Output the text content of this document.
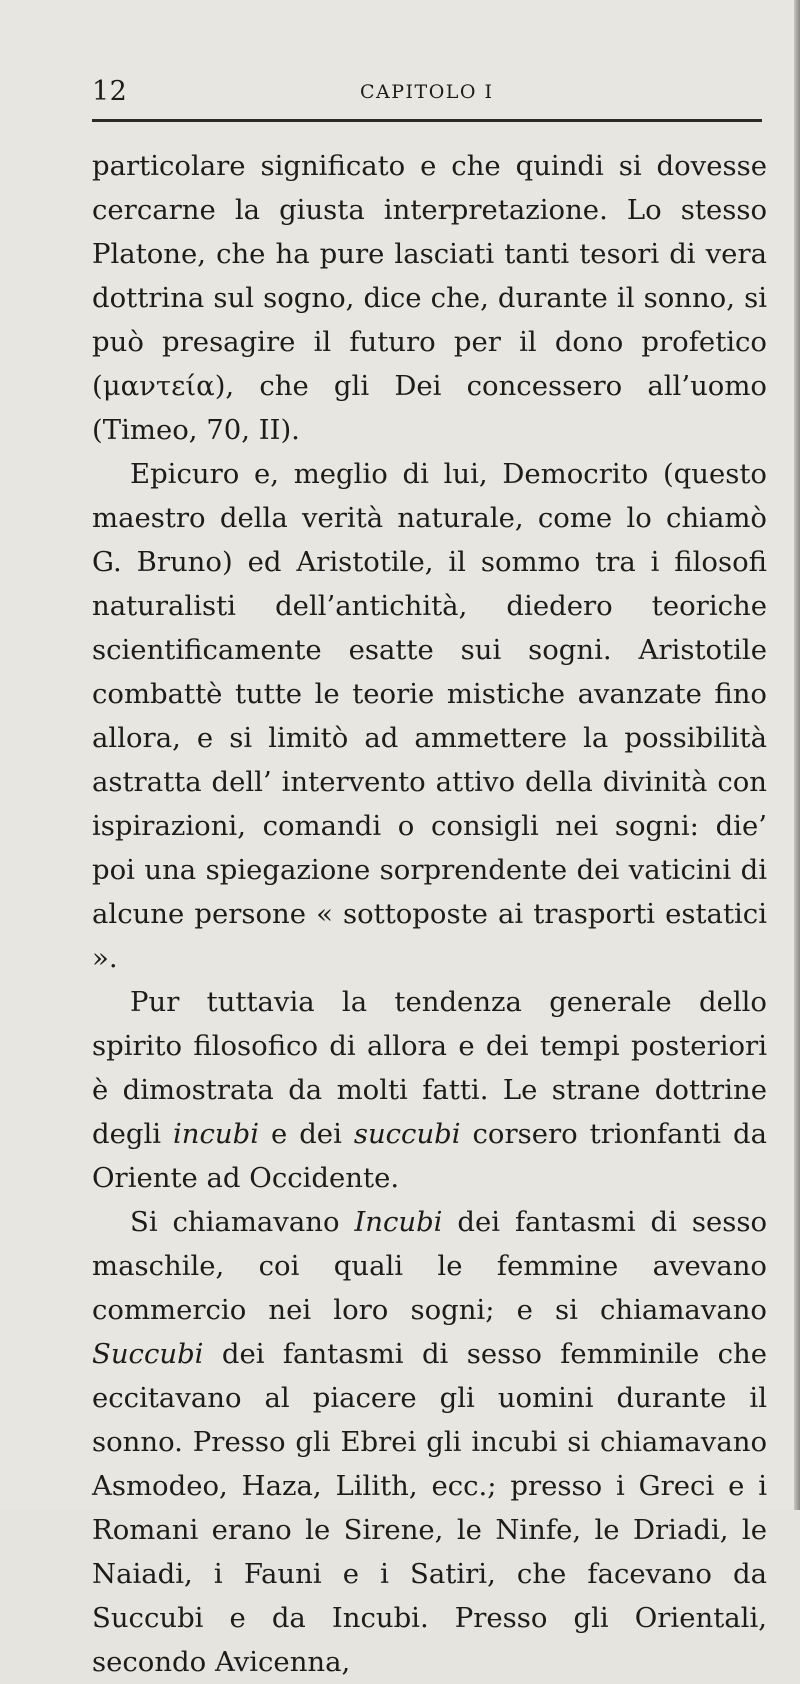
12	CAPITOLO I

particolare significato e che quindi si dovesse cercarne la giusta interpretazione. Lo stesso Platone, che ha pure lasciati tanti tesori di vera dottrina sul sogno, dice che, durante il sonno, si può presagire il futuro per il dono profetico (μαντεία), che gli Dei concessero all’uomo (Timeo, 70, II).

Epicuro e, meglio di lui, Democrito (questo maestro della verità naturale, come lo chiamò G. Bruno) ed Aristotile, il sommo tra i filosofi naturalisti dell’antichità, diedero teoriche scientificamente esatte sui sogni. Aristotile combattè tutte le teorie mistiche avanzate fino allora, e si limitò ad ammettere la possibilità astratta dell’ intervento attivo della divinità con ispirazioni, comandi o consigli nei sogni: die’ poi una spiegazione sorprendente dei vaticini di alcune persone « sottoposte ai trasporti estatici ».

Pur tuttavia la tendenza generale dello spirito filosofico di allora e dei tempi posteriori è dimostrata da molti fatti. Le strane dottrine degli incubi e dei succubi corsero trionfanti da Oriente ad Occidente.

Si chiamavano Incubi dei fantasmi di sesso maschile, coi quali le femmine avevano commercio nei loro sogni; e si chiamavano Succubi dei fantasmi di sesso femminile che eccitavano al piacere gli uomini durante il sonno. Presso gli Ebrei gli incubi si chiamavano Asmodeo, Haza, Lilith, ecc.; presso i Greci e i Romani erano le Sirene, le Ninfe, le Driadi, le Naiadi, i Fauni e i Satiri, che facevano da Succubi e da Incubi. Presso gli Orientali, secondo Avicenna,
